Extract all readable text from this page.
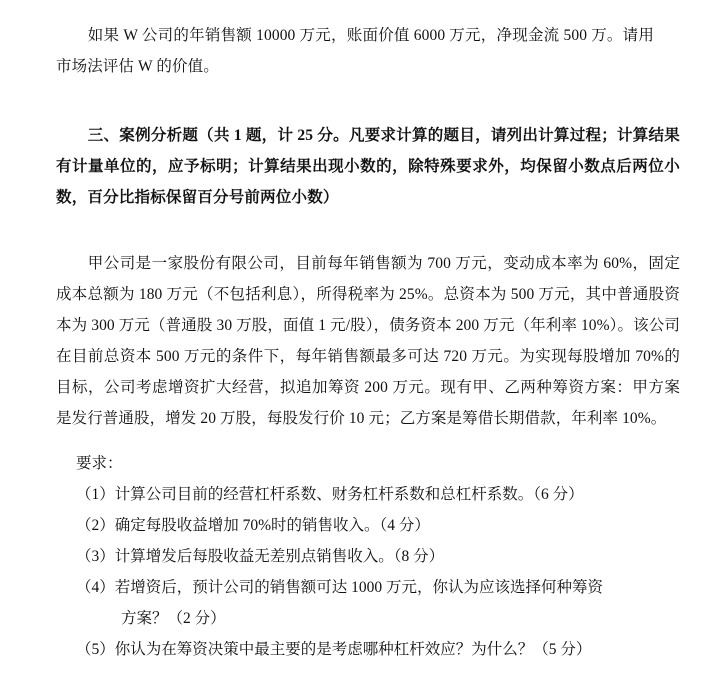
如果 W 公司的年销售额 10000 万元，账面价值 6000 万元，净现金流 500 万。请用市场法评估 W 的价值。

三、案例分析题（共 1 题，计 25 分。凡要求计算的题目，请列出计算过程；计算结果有计量单位的，应予标明；计算结果出现小数的，除特殊要求外，均保留小数点后两位小数，百分比指标保留百分号前两位小数）

甲公司是一家股份有限公司，目前每年销售额为 700 万元，变动成本率为 60%，固定成本总额为 180 万元（不包括利息），所得税率为 25%。总资本为 500 万元，其中普通股资本为 300 万元（普通股 30 万股，面值 1 元/股），债务资本 200 万元（年利率 10%）。该公司在目前总资本 500 万元的条件下，每年销售额最多可达 720 万元。为实现每股增加 70%的目标，公司考虑增资扩大经营，拟追加筹资 200 万元。现有甲、乙两种筹资方案：甲方案是发行普通股，增发 20 万股，每股发行价 10 元；乙方案是筹借长期借款，年利率 10%。

要求：

（1）计算公司目前的经营杠杆系数、财务杠杆系数和总杠杆系数。（6 分）
（2）确定每股收益增加 70%时的销售收入。（4 分）
（3）计算增发后每股收益无差别点销售收入。（8 分）
（4）若增资后，预计公司的销售额可达 1000 万元，你认为应该选择何种筹资
方案？（2 分）
（5）你认为在筹资决策中最主要的是考虑哪种杠杆效应？为什么？（5 分）
